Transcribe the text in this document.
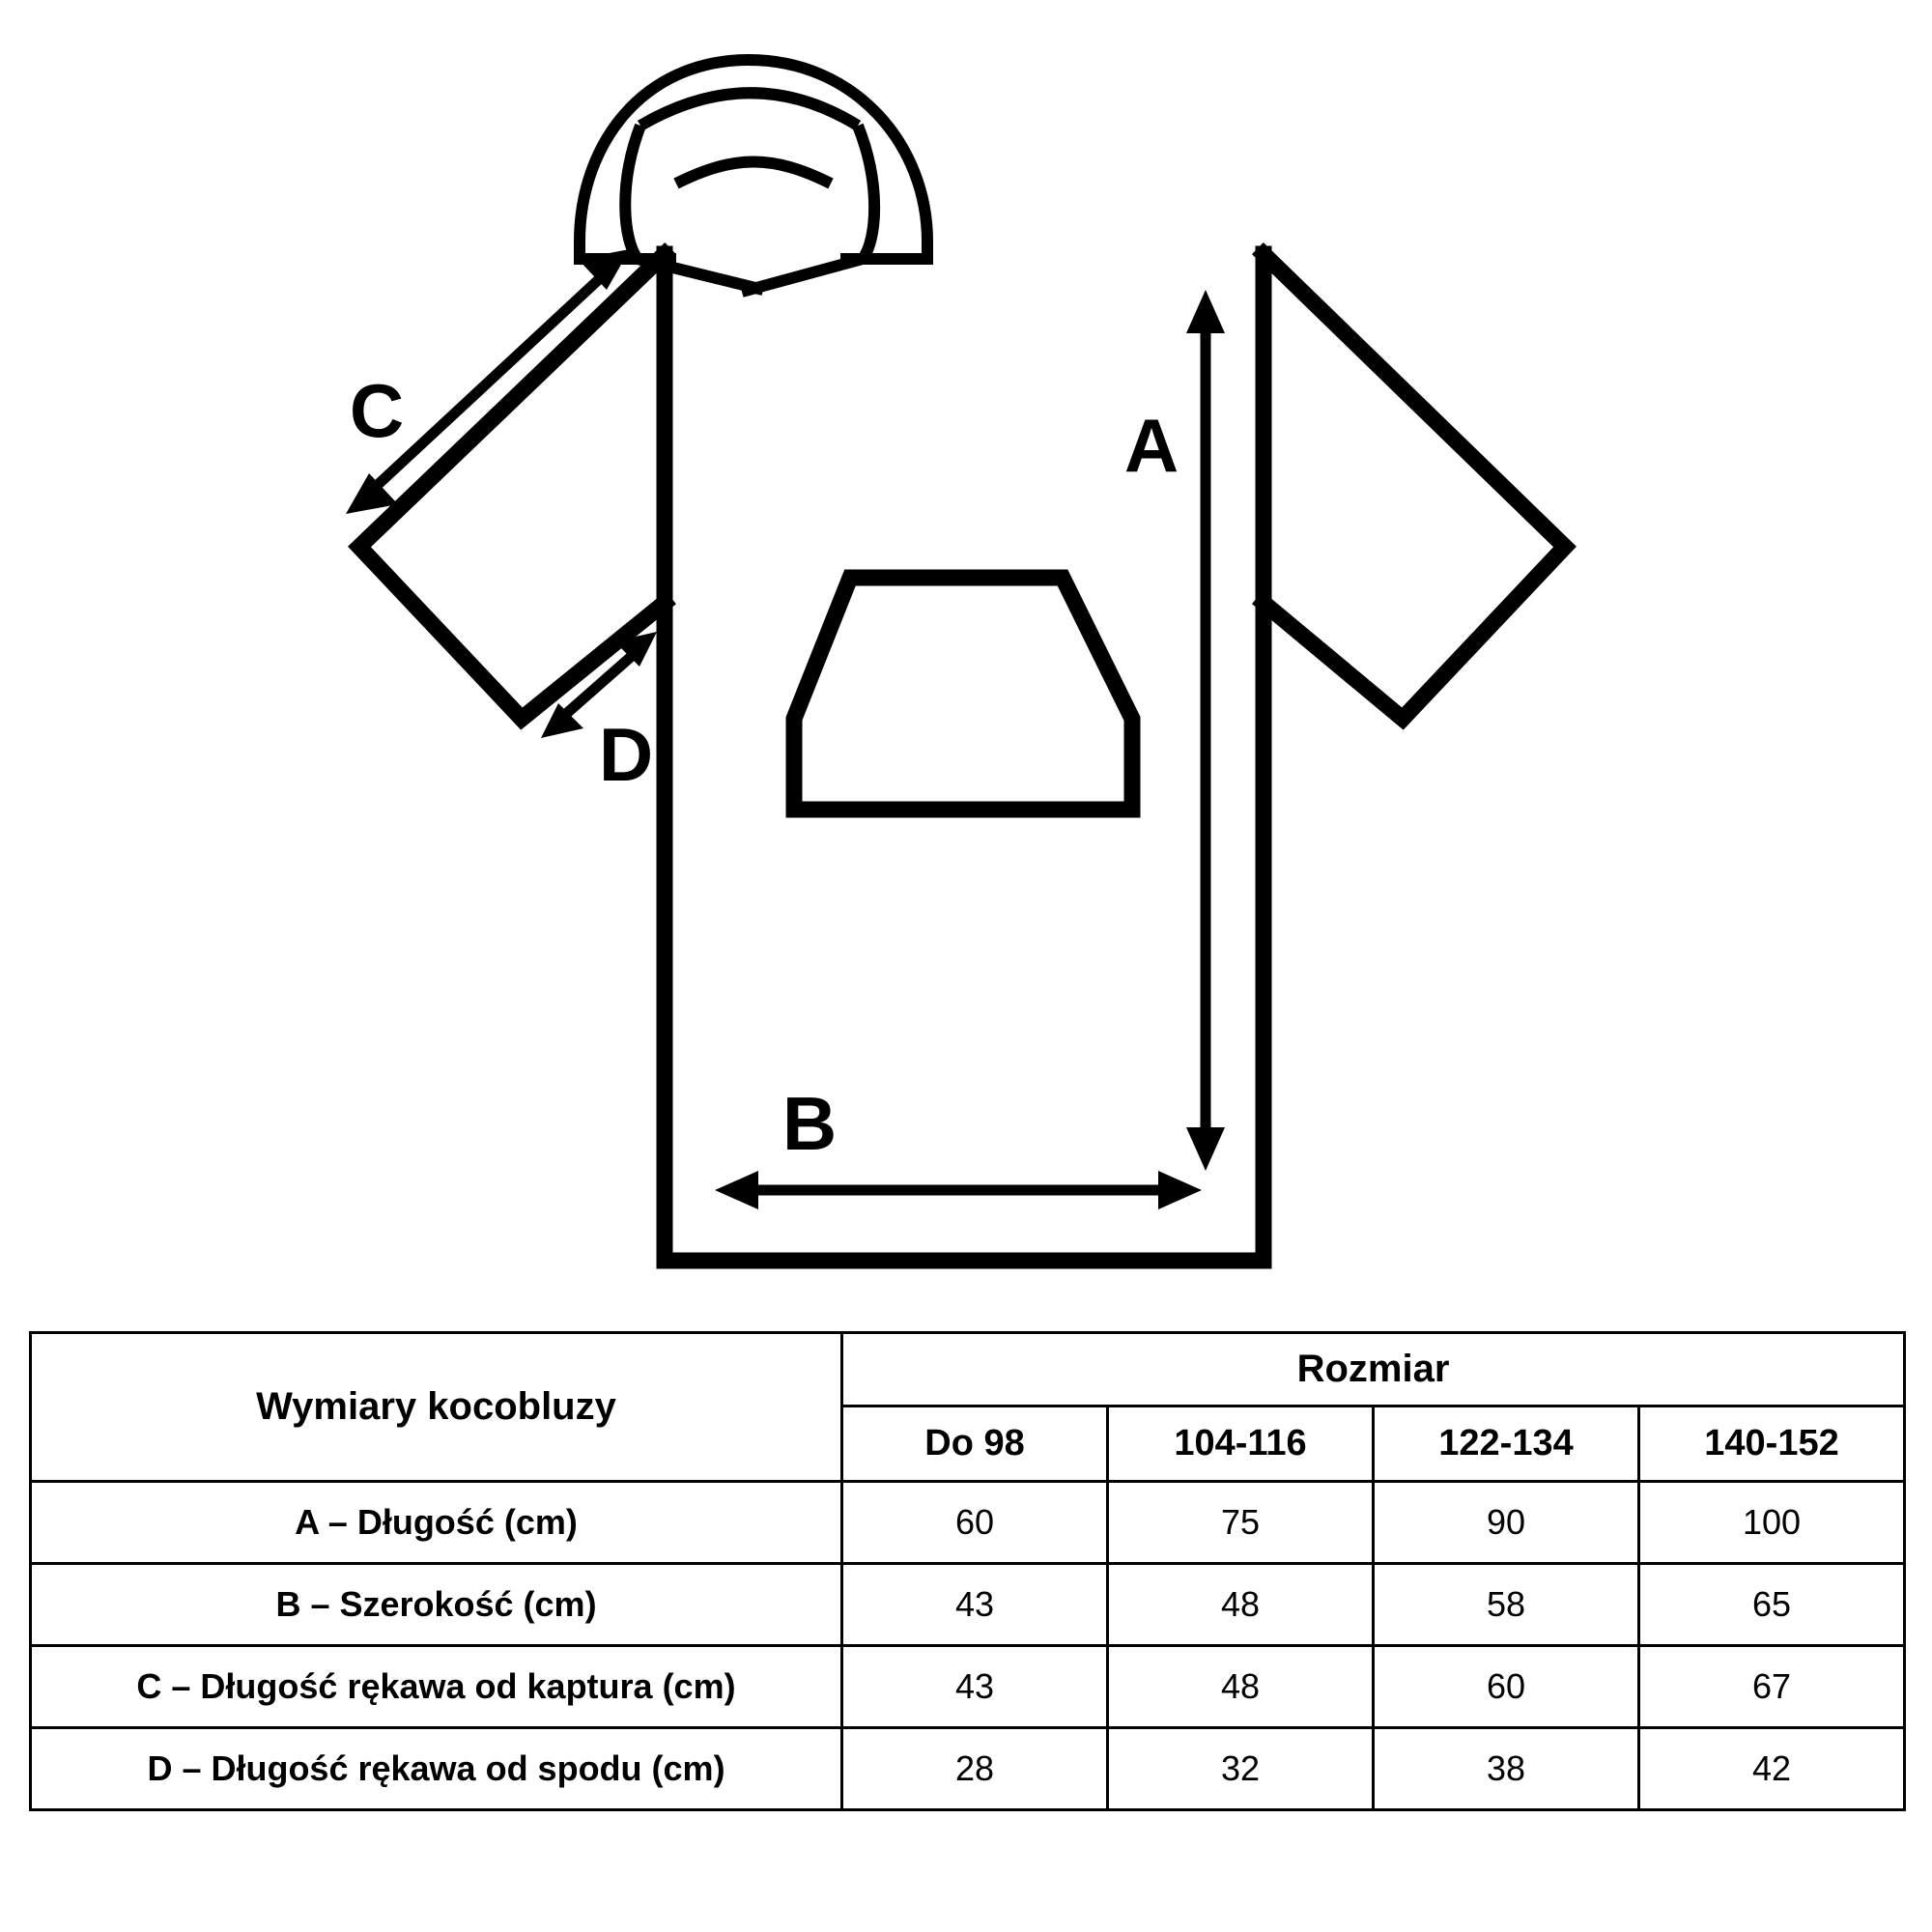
A
B
C
D
Wymiary kocobluzy	Rozmiar			
	Do 98	104-116	122-134	140-152
A – Długość (cm)	60	75	90	100
B – Szerokość (cm)	43	48	58	65
C – Długość rękawa od kaptura (cm)	43	48	60	67
D – Długość rękawa od spodu (cm)	28	32	38	42
